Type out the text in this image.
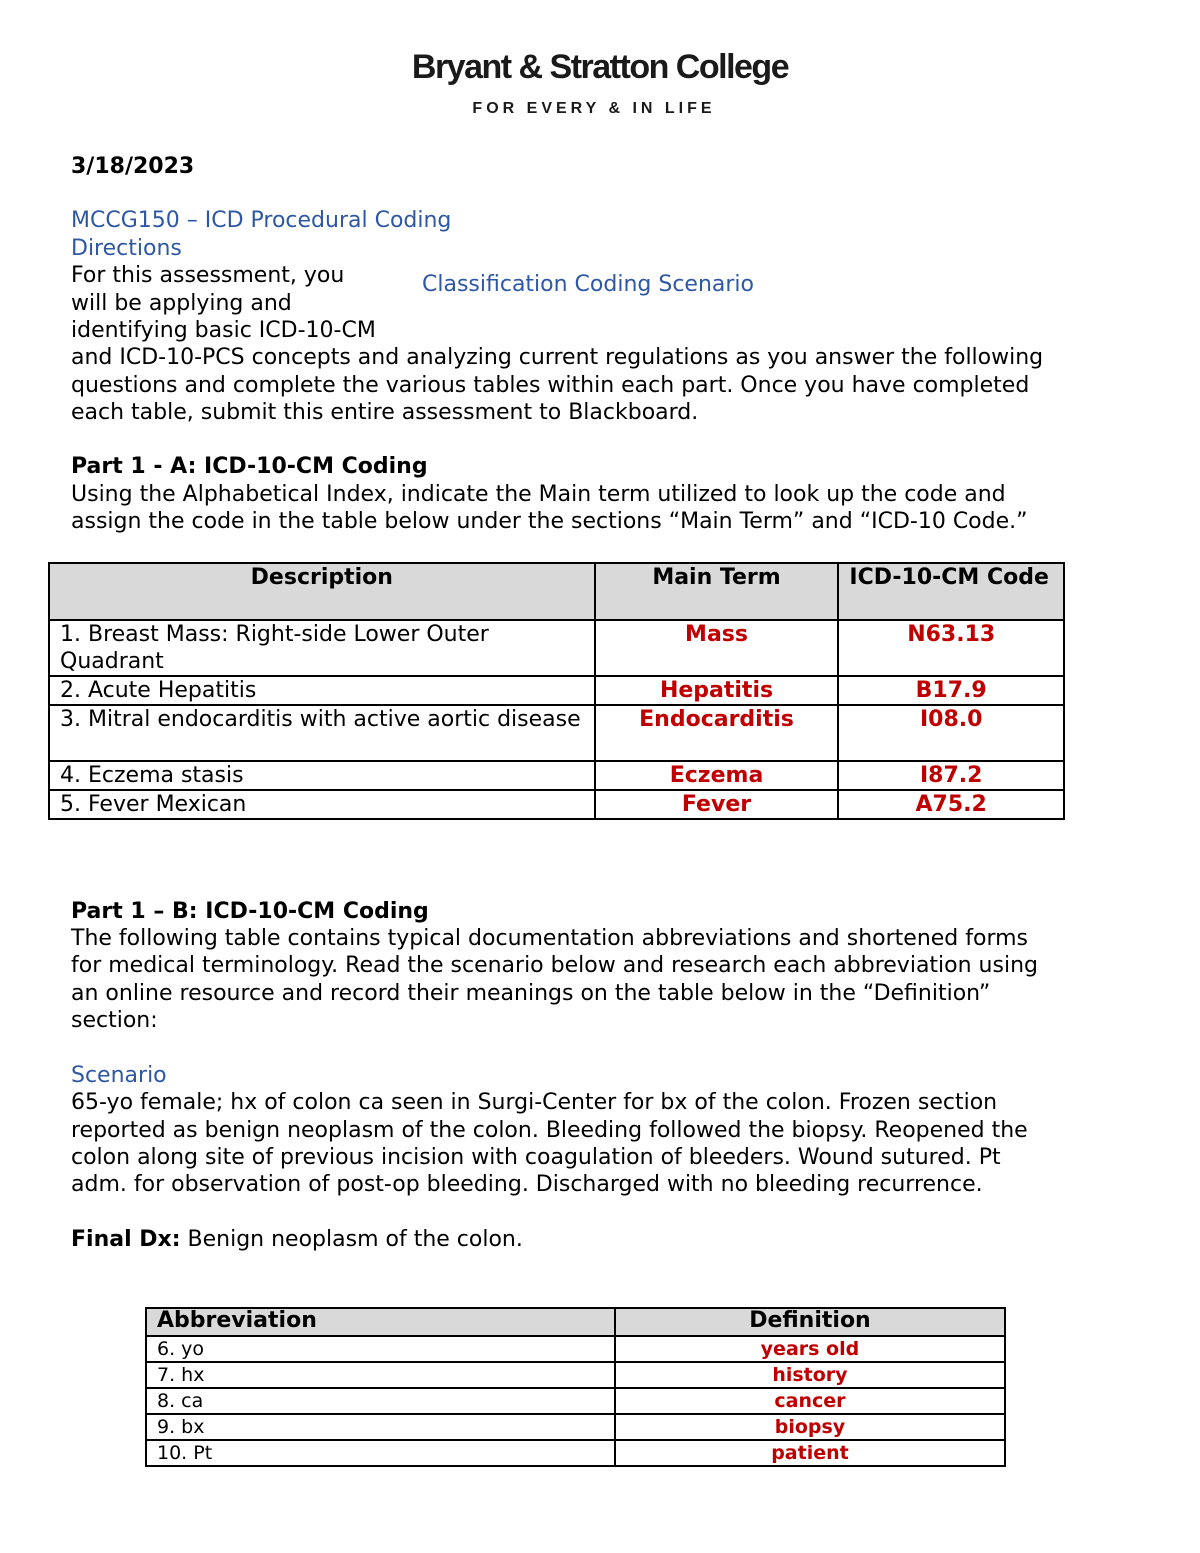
Bryant & Stratton College
FOR EVERY & IN LIFE
3/18/2023
MCCG150 – ICD Procedural Coding
Directions
Classification Coding Scenario
For this assessment, you
will be applying and
identifying basic ICD-10-CM
and ICD-10-PCS concepts and analyzing current regulations as you answer the following
questions and complete the various tables within each part. Once you have completed
each table, submit this entire assessment to Blackboard.
Part 1 - A: ICD-10-CM Coding
Using the Alphabetical Index, indicate the Main term utilized to look up the code and
assign the code in the table below under the sections “Main Term” and “ICD-10 Code.”
Description	Main Term	ICD-10-CM Code
1. Breast Mass: Right-side Lower Outer Quadrant	Mass	N63.13
2. Acute Hepatitis	Hepatitis	B17.9
3. Mitral endocarditis with active aortic disease	Endocarditis	I08.0
4. Eczema stasis	Eczema	I87.2
5. Fever Mexican	Fever	A75.2
Part 1 – B: ICD-10-CM Coding
The following table contains typical documentation abbreviations and shortened forms
for medical terminology. Read the scenario below and research each abbreviation using
an online resource and record their meanings on the table below in the “Definition”
section:
Scenario
65-yo female; hx of colon ca seen in Surgi-Center for bx of the colon. Frozen section
reported as benign neoplasm of the colon. Bleeding followed the biopsy. Reopened the
colon along site of previous incision with coagulation of bleeders. Wound sutured. Pt
adm. for observation of post-op bleeding. Discharged with no bleeding recurrence.
Final Dx: Benign neoplasm of the colon.
Abbreviation	Definition
6. yo	years old
7. hx	history
8. ca	cancer
9. bx	biopsy
10. Pt	patient
